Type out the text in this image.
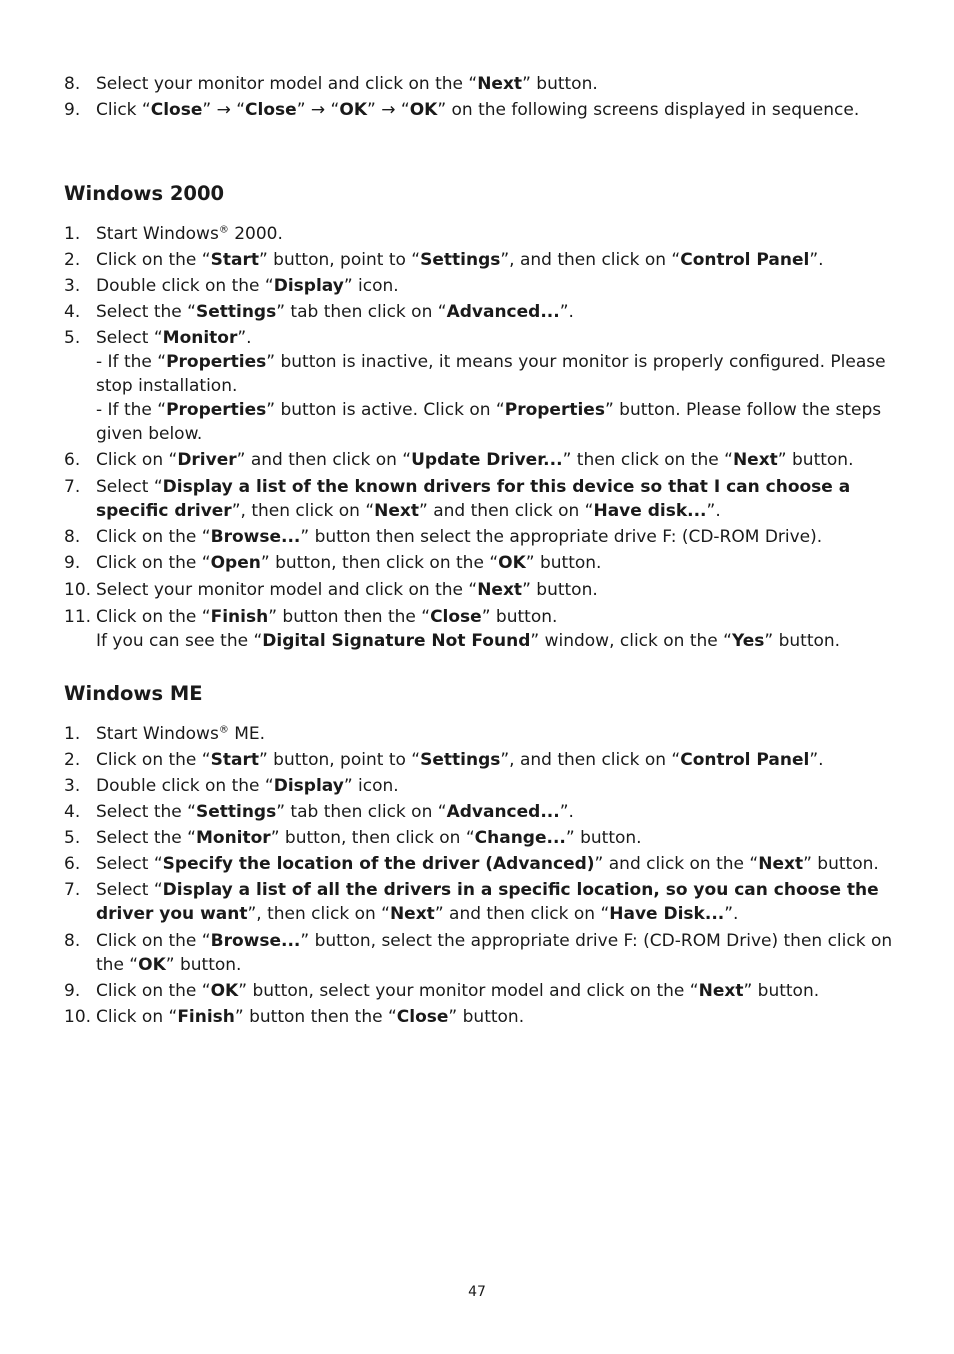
8. Select your monitor model and click on the “Next” button.
9. Click “Close” → “Close” → “OK” → “OK” on the following screens displayed in sequence.
Windows 2000
1. Start Windows® 2000.
2. Click on the “Start” button, point to “Settings”, and then click on “Control Panel”.
3. Double click on the “Display” icon.
4. Select the “Settings” tab then click on “Advanced...”.
5. Select “Monitor”.
- If the “Properties” button is inactive, it means your monitor is properly configured. Please stop installation.
- If the “Properties” button is active. Click on “Properties” button. Please follow the steps given below.
6. Click on “Driver” and then click on “Update Driver...” then click on the “Next” button.
7. Select “Display a list of the known drivers for this device so that I can choose a specific driver”, then click on “Next” and then click on “Have disk...”.
8. Click on the “Browse...” button then select the appropriate drive F: (CD-ROM Drive).
9. Click on the “Open” button, then click on the “OK” button.
10. Select your monitor model and click on the “Next” button.
11. Click on the “Finish” button then the “Close” button.
If you can see the “Digital Signature Not Found” window, click on the “Yes” button.
Windows ME
1. Start Windows® ME.
2. Click on the “Start” button, point to “Settings”, and then click on “Control Panel”.
3. Double click on the “Display” icon.
4. Select the “Settings” tab then click on “Advanced...”.
5. Select the “Monitor” button, then click on “Change...” button.
6. Select “Specify the location of the driver (Advanced)” and click on the “Next” button.
7. Select “Display a list of all the drivers in a specific location, so you can choose the driver you want”, then click on “Next” and then click on “Have Disk...”.
8. Click on the “Browse...” button, select the appropriate drive F: (CD-ROM Drive) then click on the “OK” button.
9. Click on the “OK” button, select your monitor model and click on the “Next” button.
10. Click on “Finish” button then the “Close” button.
47
